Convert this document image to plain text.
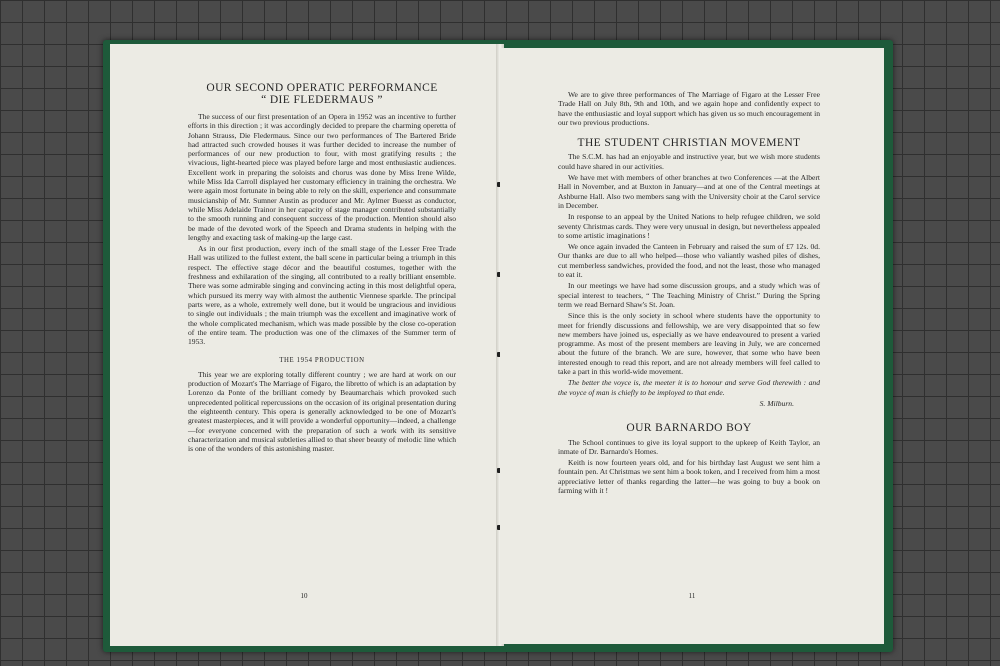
OUR SECOND OPERATIC PERFORMANCE
“ DIE FLEDERMAUS ”

The success of our first presentation of an Opera in 1952 was an incentive to further efforts in this direction ; it was accordingly decided to prepare the charming operetta of Johann Strauss, Die Fledermaus. Since our two performances of The Bartered Bride had attracted such crowded houses it was further decided to increase the number of performances of our new production to four, with most gratifying results ; the vivacious, light-hearted piece was played before large and most enthusiastic audiences. Excellent work in preparing the soloists and chorus was done by Miss Irene Wilde, while Miss Ida Carroll displayed her customary efficiency in training the orchestra. We were again most fortunate in being able to rely on the skill, experience and consummate musicianship of Mr. Sumner Austin as producer and Mr. Aylmer Buesst as conductor, while Miss Adelaide Trainor in her capacity of stage manager contributed substantially to the smooth running and consequent success of the production. Mention should also be made of the devoted work of the Speech and Drama students in helping with the lengthy and exacting task of making-up the large cast.

As in our first production, every inch of the small stage of the Lesser Free Trade Hall was utilized to the fullest extent, the ball scene in particular being a triumph in this respect. The effective stage décor and the beautiful costumes, together with the freshness and exhilaration of the singing, all contributed to a really brilliant ensemble. There was some admirable singing and convincing acting in this most delightful opera, which pursued its merry way with almost the authentic Viennese sparkle. The principal parts were, as a whole, extremely well done, but it would be ungracious and invidious to single out individuals ; the main triumph was the excellent and imaginative work of the whole complicated mechanism, which was made possible by the close co-operation of the entire team. The production was one of the climaxes of the Summer term of 1953.

THE 1954 PRODUCTION

This year we are exploring totally different country ; we are hard at work on our production of Mozart's The Marriage of Figaro, the libretto of which is an adaptation by Lorenzo da Ponte of the brilliant comedy by Beaumarchais which provoked such unprecedented political repercussions on the occasion of its original presentation during the eighteenth century. This opera is generally acknowledged to be one of Mozart's greatest masterpieces, and it will provide a wonderful opportunity—indeed, a challenge—for everyone concerned with the preparation of such a work with its sensitive characterization and musical subtleties allied to that sheer beauty of melodic line which is one of the wonders of this astonishing master.

10

We are to give three performances of The Marriage of Figaro at the Lesser Free Trade Hall on July 8th, 9th and 10th, and we again hope and confidently expect to have the enthusiastic and loyal support which has given us so much encouragement in our two previous productions.

THE STUDENT CHRISTIAN MOVEMENT

The S.C.M. has had an enjoyable and instructive year, but we wish more students could have shared in our activities.

We have met with members of other branches at two Conferences —at the Albert Hall in November, and at Buxton in January—and at one of the Central meetings at Ashburne Hall. Also two members sang with the University choir at the Carol service in December.

In response to an appeal by the United Nations to help refugee children, we sold seventy Christmas cards. They were very unusual in design, but nevertheless appealed to some artistic imaginations !

We once again invaded the Canteen in February and raised the sum of £7 12s. 0d. Our thanks are due to all who helped—those who valiantly washed piles of dishes, cut memberless sandwiches, provided the food, and not the least, those who managed to eat it.

In our meetings we have had some discussion groups, and a study which was of special interest to teachers, “ The Teaching Ministry of Christ.” During the Spring term we read Bernard Shaw's St. Joan.

Since this is the only society in school where students have the opportunity to meet for friendly discussions and fellowship, we are very disappointed that so few new members have joined us, especially as we have endeavoured to present a varied programme. As most of the present members are leaving in July, we are concerned about the future of the branch. We are sure, however, that some who have been interested enough to read this report, and are not already members will feel called to take a part in this world-wide movement.

The better the voyce is, the meeter it is to honour and serve God therewith : and the voyce of man is chiefly to be imployed to that ende.

S. Milburn.
OUR BARNARDO BOY

The School continues to give its loyal support to the upkeep of Keith Taylor, an inmate of Dr. Barnardo's Homes.

Keith is now fourteen years old, and for his birthday last August we sent him a fountain pen. At Christmas we sent him a book token, and I received from him a most appreciative letter of thanks regarding the latter—he was going to buy a book on farming with it !

11
